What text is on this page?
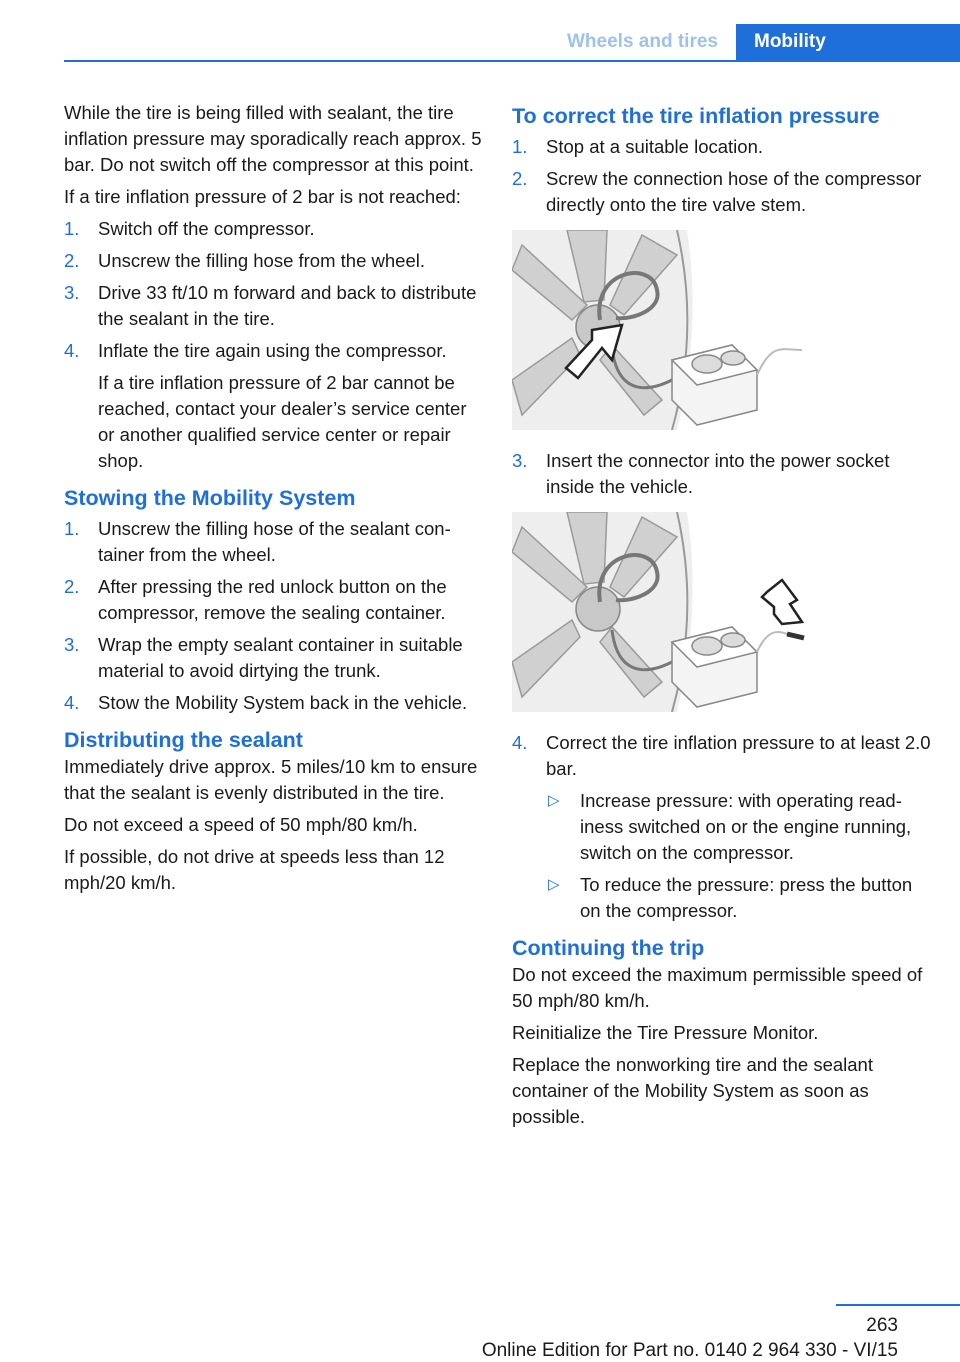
Wheels and tires	Mobility

While the tire is being filled with sealant, the tire inflation pressure may sporadically reach approx. 5 bar. Do not switch off the compressor at this point.

If a tire inflation pressure of 2 bar is not reached:

1. Switch off the compressor.
2. Unscrew the filling hose from the wheel.
3. Drive 33 ft/10 m forward and back to distribute the sealant in the tire.
4. Inflate the tire again using the compressor.
If a tire inflation pressure of 2 bar cannot be reached, contact your dealer’s service center or another qualified service center or repair shop.
Stowing the Mobility System
1. Unscrew the filling hose of the sealant container from the wheel.
2. After pressing the red unlock button on the compressor, remove the sealing container.
3. Wrap the empty sealant container in suitable material to avoid dirtying the trunk.
4. Stow the Mobility System back in the vehicle.
Distributing the sealant

Immediately drive approx. 5 miles/10 km to ensure that the sealant is evenly distributed in the tire.

Do not exceed a speed of 50 mph/80 km/h.

If possible, do not drive at speeds less than 12 mph/20 km/h.

To correct the tire inflation pressure
1. Stop at a suitable location.
2. Screw the connection hose of the compressor directly onto the tire valve stem.
3. Insert the connector into the power socket inside the vehicle.
4. Correct the tire inflation pressure to at least 2.0 bar.
▷ Increase pressure: with operating readiness switched on or the engine running, switch on the compressor.
▷ To reduce the pressure: press the button on the compressor.
Continuing the trip

Do not exceed the maximum permissible speed of 50 mph/80 km/h.

Reinitialize the Tire Pressure Monitor.

Replace the nonworking tire and the sealant container of the Mobility System as soon as possible.

263
Online Edition for Part no. 0140 2 964 330 - VI/15
